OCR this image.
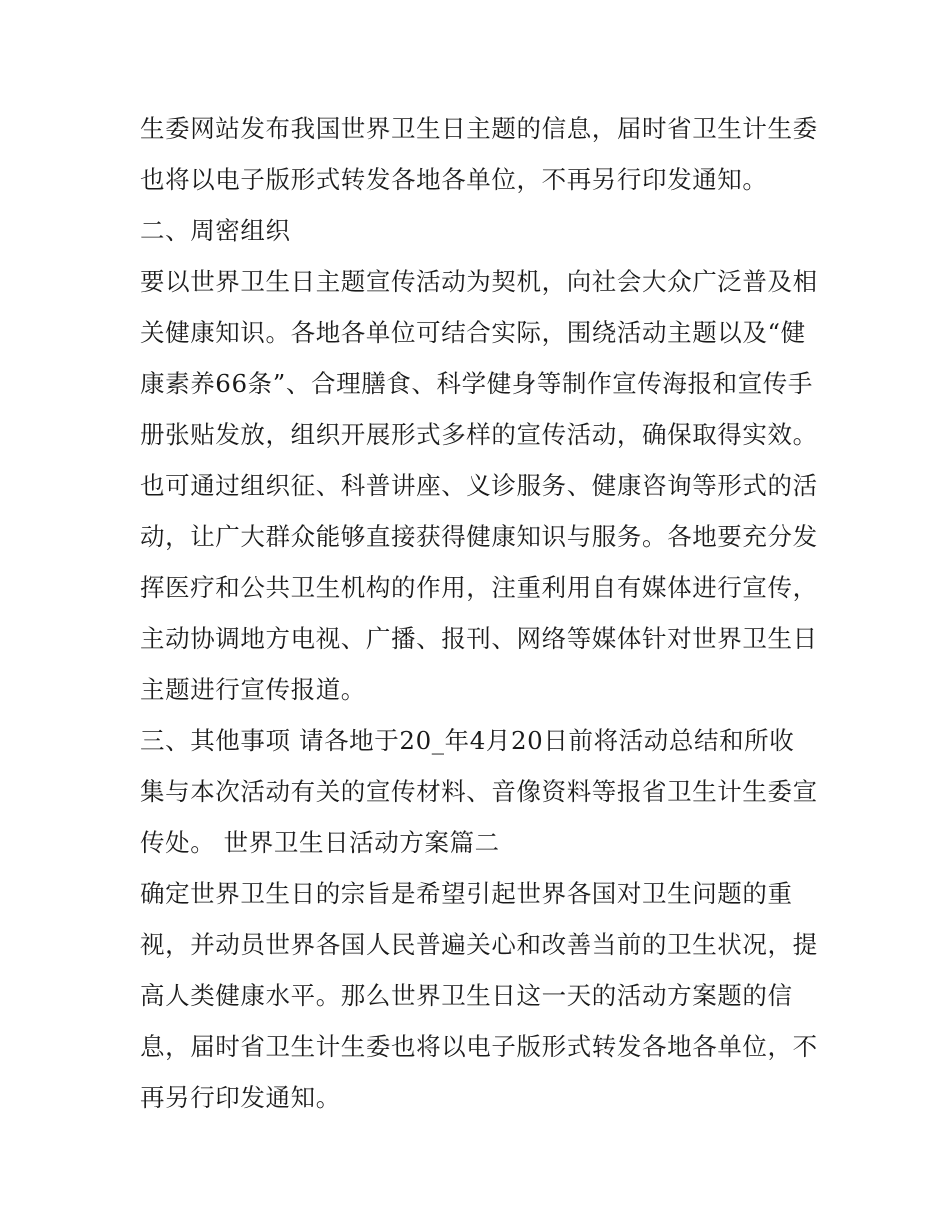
生委网站发布我国世界卫生日主题的信息，届时省卫生计生委
也将以电子版形式转发各地各单位，不再另行印发通知。
二、周密组织
要以世界卫生日主题宣传活动为契机，向社会大众广泛普及相
关健康知识。各地各单位可结合实际，围绕活动主题以及“健
康素养66条”、合理膳食、科学健身等制作宣传海报和宣传手
册张贴发放，组织开展形式多样的宣传活动，确保取得实效。
也可通过组织征、科普讲座、义诊服务、健康咨询等形式的活
动，让广大群众能够直接获得健康知识与服务。各地要充分发
挥医疗和公共卫生机构的作用，注重利用自有媒体进行宣传，
主动协调地方电视、广播、报刊、网络等媒体针对世界卫生日
主题进行宣传报道。
三、其他事项 请各地于20_年4月20日前将活动总结和所收
集与本次活动有关的宣传材料、音像资料等报省卫生计生委宣
传处。 世界卫生日活动方案篇二
确定世界卫生日的宗旨是希望引起世界各国对卫生问题的重
视，并动员世界各国人民普遍关心和改善当前的卫生状况，提
高人类健康水平。那么世界卫生日这一天的活动方案题的信
息，届时省卫生计生委也将以电子版形式转发各地各单位，不
再另行印发通知。
